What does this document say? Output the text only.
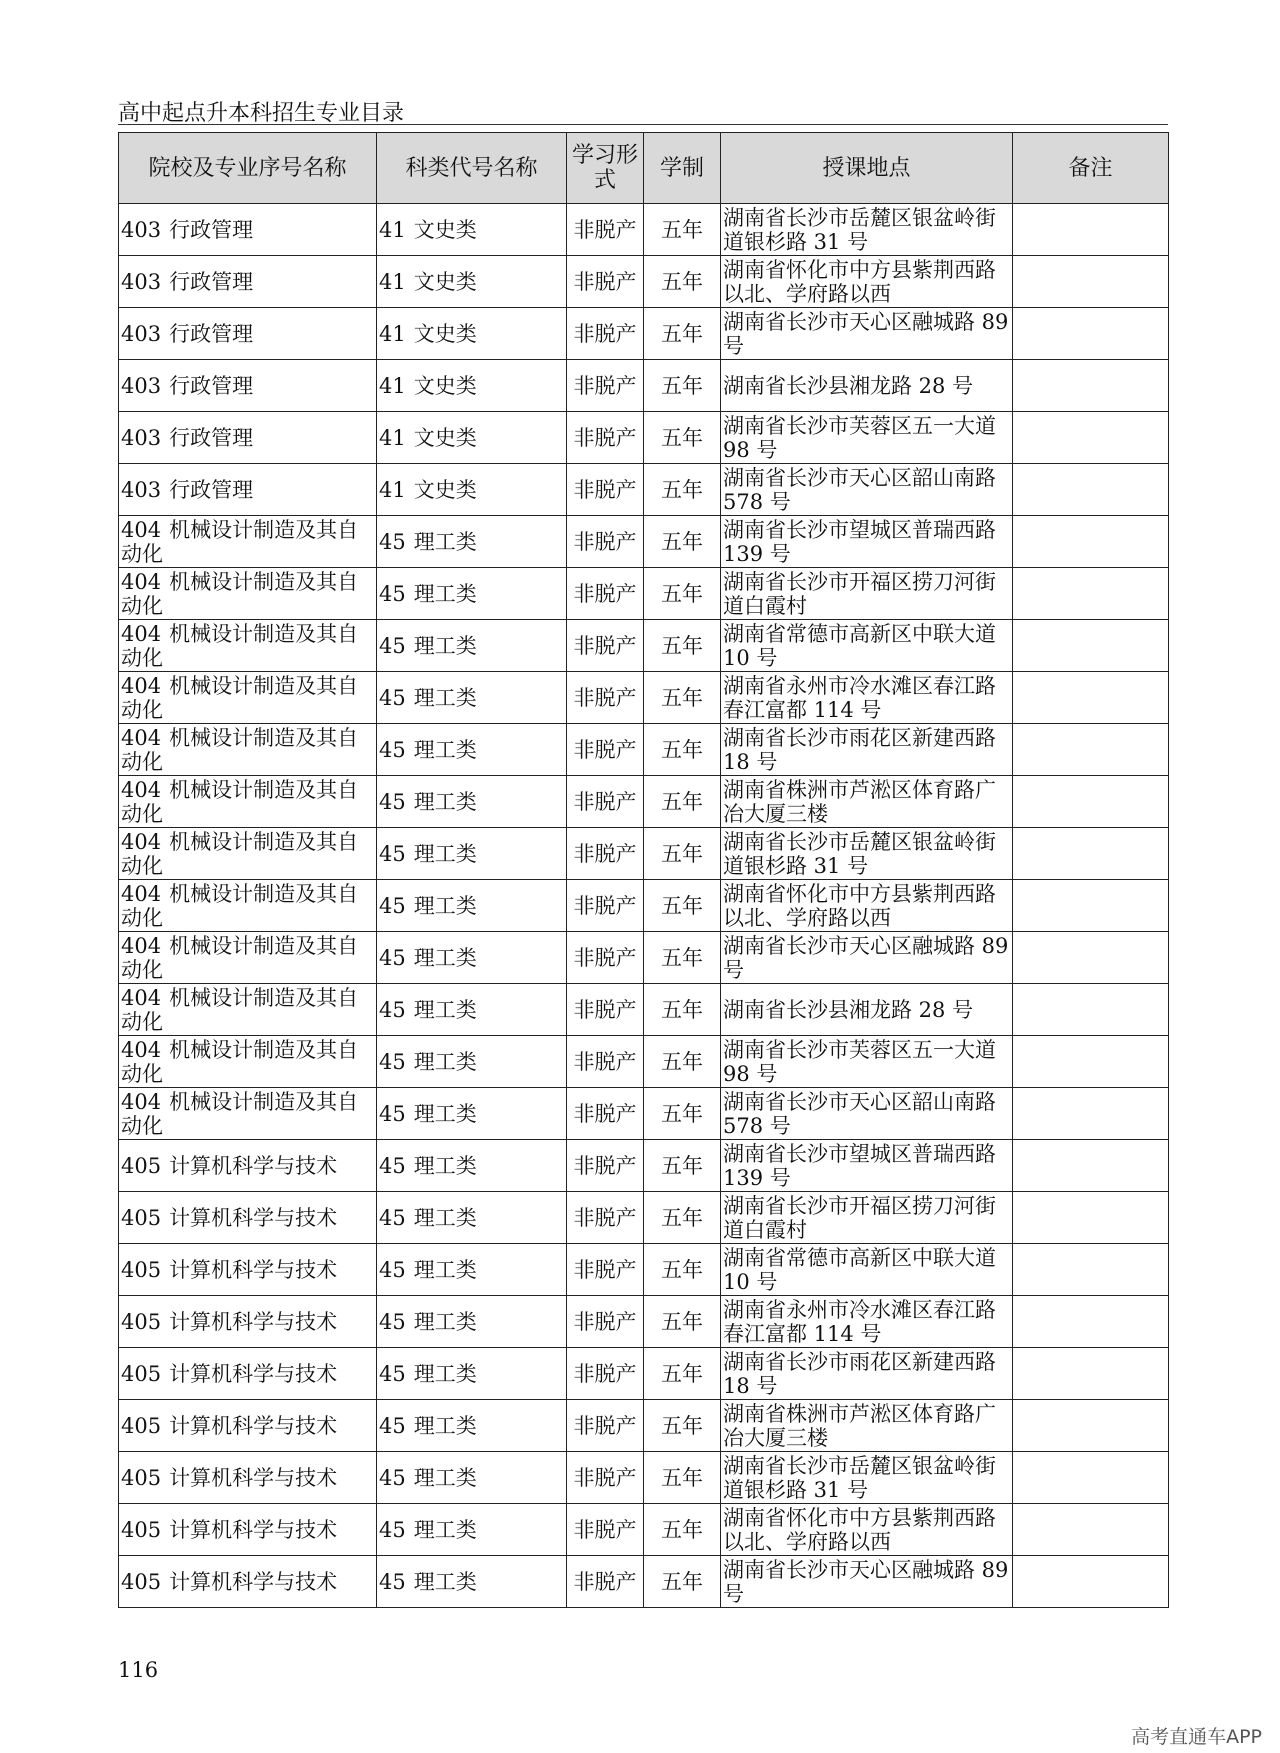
高中起点升本科招生专业目录
院校及专业序号名称	科类代号名称	学习形式	学制	授课地点	备注
403 行政管理	41 文史类	非脱产	五年	湖南省长沙市岳麓区银盆岭街道银杉路 31 号	
403 行政管理	41 文史类	非脱产	五年	湖南省怀化市中方县紫荆西路以北、学府路以西	
403 行政管理	41 文史类	非脱产	五年	湖南省长沙市天心区融城路 89 号	
403 行政管理	41 文史类	非脱产	五年	湖南省长沙县湘龙路 28 号	
403 行政管理	41 文史类	非脱产	五年	湖南省长沙市芙蓉区五一大道 98 号	
403 行政管理	41 文史类	非脱产	五年	湖南省长沙市天心区韶山南路 578 号	
404 机械设计制造及其自动化	45 理工类	非脱产	五年	湖南省长沙市望城区普瑞西路 139 号	
404 机械设计制造及其自动化	45 理工类	非脱产	五年	湖南省长沙市开福区捞刀河街道白霞村	
404 机械设计制造及其自动化	45 理工类	非脱产	五年	湖南省常德市高新区中联大道 10 号	
404 机械设计制造及其自动化	45 理工类	非脱产	五年	湖南省永州市冷水滩区春江路春江富都 114 号	
404 机械设计制造及其自动化	45 理工类	非脱产	五年	湖南省长沙市雨花区新建西路 18 号	
404 机械设计制造及其自动化	45 理工类	非脱产	五年	湖南省株洲市芦淞区体育路广冶大厦三楼	
404 机械设计制造及其自动化	45 理工类	非脱产	五年	湖南省长沙市岳麓区银盆岭街道银杉路 31 号	
404 机械设计制造及其自动化	45 理工类	非脱产	五年	湖南省怀化市中方县紫荆西路以北、学府路以西	
404 机械设计制造及其自动化	45 理工类	非脱产	五年	湖南省长沙市天心区融城路 89 号	
404 机械设计制造及其自动化	45 理工类	非脱产	五年	湖南省长沙县湘龙路 28 号	
404 机械设计制造及其自动化	45 理工类	非脱产	五年	湖南省长沙市芙蓉区五一大道 98 号	
404 机械设计制造及其自动化	45 理工类	非脱产	五年	湖南省长沙市天心区韶山南路 578 号	
405 计算机科学与技术	45 理工类	非脱产	五年	湖南省长沙市望城区普瑞西路 139 号	
405 计算机科学与技术	45 理工类	非脱产	五年	湖南省长沙市开福区捞刀河街道白霞村	
405 计算机科学与技术	45 理工类	非脱产	五年	湖南省常德市高新区中联大道 10 号	
405 计算机科学与技术	45 理工类	非脱产	五年	湖南省永州市冷水滩区春江路春江富都 114 号	
405 计算机科学与技术	45 理工类	非脱产	五年	湖南省长沙市雨花区新建西路 18 号	
405 计算机科学与技术	45 理工类	非脱产	五年	湖南省株洲市芦淞区体育路广冶大厦三楼	
405 计算机科学与技术	45 理工类	非脱产	五年	湖南省长沙市岳麓区银盆岭街道银杉路 31 号	
405 计算机科学与技术	45 理工类	非脱产	五年	湖南省怀化市中方县紫荆西路以北、学府路以西	
405 计算机科学与技术	45 理工类	非脱产	五年	湖南省长沙市天心区融城路 89 号	
116
高考直通车APP
